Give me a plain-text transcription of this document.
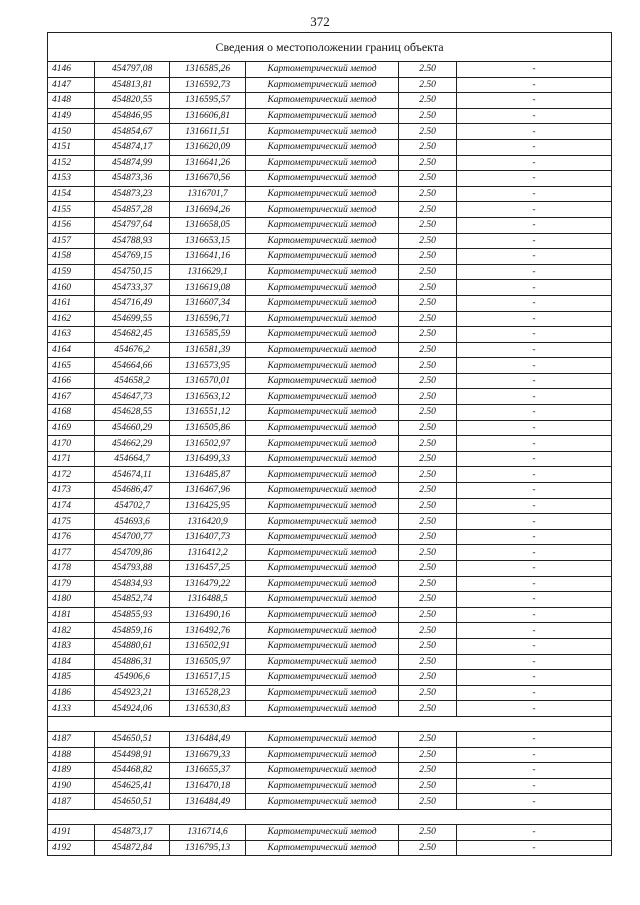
372
Сведения о местоположении границ объекта					
4146	454797,08	1316585,26	Картометрический метод	2.50	-
4147	454813,81	1316592,73	Картометрический метод	2.50	-
4148	454820,55	1316595,57	Картометрический метод	2.50	-
4149	454846,95	1316606,81	Картометрический метод	2.50	-
4150	454854,67	1316611,51	Картометрический метод	2.50	-
4151	454874,17	1316620,09	Картометрический метод	2.50	-
4152	454874,99	1316641,26	Картометрический метод	2.50	-
4153	454873,36	1316670,56	Картометрический метод	2.50	-
4154	454873,23	1316701,7	Картометрический метод	2.50	-
4155	454857,28	1316694,26	Картометрический метод	2.50	-
4156	454797,64	1316658,05	Картометрический метод	2.50	-
4157	454788,93	1316653,15	Картометрический метод	2.50	-
4158	454769,15	1316641,16	Картометрический метод	2.50	-
4159	454750,15	1316629,1	Картометрический метод	2.50	-
4160	454733,37	1316619,08	Картометрический метод	2.50	-
4161	454716,49	1316607,34	Картометрический метод	2.50	-
4162	454699,55	1316596,71	Картометрический метод	2.50	-
4163	454682,45	1316585,59	Картометрический метод	2.50	-
4164	454676,2	1316581,39	Картометрический метод	2.50	-
4165	454664,66	1316573,95	Картометрический метод	2.50	-
4166	454658,2	1316570,01	Картометрический метод	2.50	-
4167	454647,73	1316563,12	Картометрический метод	2.50	-
4168	454628,55	1316551,12	Картометрический метод	2.50	-
4169	454660,29	1316505,86	Картометрический метод	2.50	-
4170	454662,29	1316502,97	Картометрический метод	2.50	-
4171	454664,7	1316499,33	Картометрический метод	2.50	-
4172	454674,11	1316485,87	Картометрический метод	2.50	-
4173	454686,47	1316467,96	Картометрический метод	2.50	-
4174	454702,7	1316425,95	Картометрический метод	2.50	-
4175	454693,6	1316420,9	Картометрический метод	2.50	-
4176	454700,77	1316407,73	Картометрический метод	2.50	-
4177	454709,86	1316412,2	Картометрический метод	2.50	-
4178	454793,88	1316457,25	Картометрический метод	2.50	-
4179	454834,93	1316479,22	Картометрический метод	2.50	-
4180	454852,74	1316488,5	Картометрический метод	2.50	-
4181	454855,93	1316490,16	Картометрический метод	2.50	-
4182	454859,16	1316492,76	Картометрический метод	2.50	-
4183	454880,61	1316502,91	Картометрический метод	2.50	-
4184	454886,31	1316505,97	Картометрический метод	2.50	-
4185	454906,6	1316517,15	Картометрический метод	2.50	-
4186	454923,21	1316528,23	Картометрический метод	2.50	-
4133	454924,06	1316530,83	Картометрический метод	2.50	-

4187	454650,51	1316484,49	Картометрический метод	2.50	-
4188	454498,91	1316679,33	Картометрический метод	2.50	-
4189	454468,82	1316655,37	Картометрический метод	2.50	-
4190	454625,41	1316470,18	Картометрический метод	2.50	-
4187	454650,51	1316484,49	Картометрический метод	2.50	-

4191	454873,17	1316714,6	Картометрический метод	2.50	-
4192	454872,84	1316795,13	Картометрический метод	2.50	-
